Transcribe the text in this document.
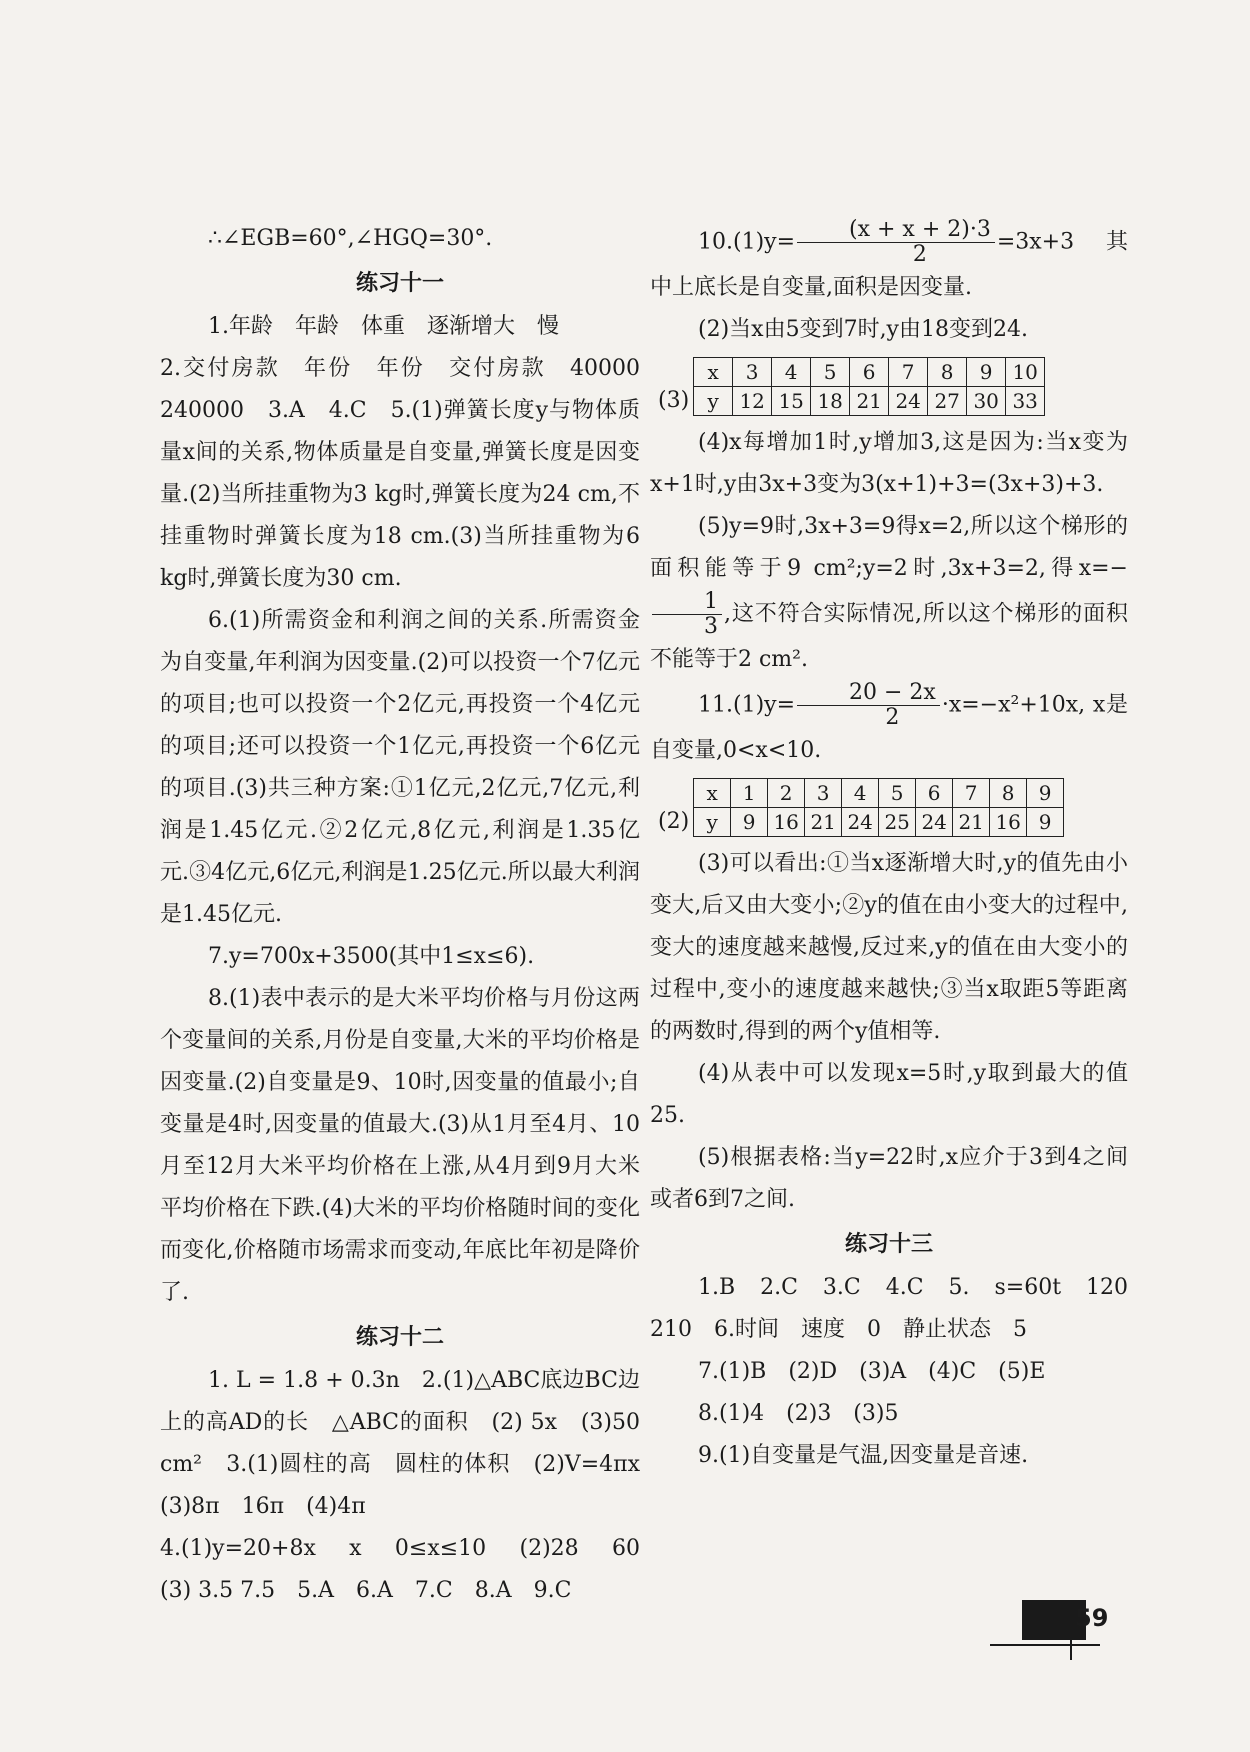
∴∠EGB=60°,∠HGQ=30°.

练习十一

1.年龄　年龄　体重　逐渐增大　慢

2.交付房款　年份　年份　交付房款　40000 240000　3.A　4.C　5.(1)弹簧长度y与物体质量x间的关系,物体质量是自变量,弹簧长度是因变量.(2)当所挂重物为3 kg时,弹簧长度为24 cm,不挂重物时弹簧长度为18 cm.(3)当所挂重物为6 kg时,弹簧长度为30 cm.

6.(1)所需资金和利润之间的关系.所需资金为自变量,年利润为因变量.(2)可以投资一个7亿元的项目;也可以投资一个2亿元,再投资一个4亿元的项目;还可以投资一个1亿元,再投资一个6亿元的项目.(3)共三种方案:①1亿元,2亿元,7亿元,利润是1.45亿元.②2亿元,8亿元,利润是1.35亿元.③4亿元,6亿元,利润是1.25亿元.所以最大利润是1.45亿元.

7.y=700x+3500(其中1≤x≤6).

8.(1)表中表示的是大米平均价格与月份这两个变量间的关系,月份是自变量,大米的平均价格是因变量.(2)自变量是9、10时,因变量的值最小;自变量是4时,因变量的值最大.(3)从1月至4月、10月至12月大米平均价格在上涨,从4月到9月大米平均价格在下跌.(4)大米的平均价格随时间的变化而变化,价格随市场需求而变动,年底比年初是降价了.

练习十二

1. L = 1.8 + 0.3n　2.(1)△ABC底边BC边上的高AD的长　△ABC的面积　(2) 5x　(3)50 cm²　3.(1)圆柱的高　圆柱的体积　(2)V=4πx　(3)8π　16π　(4)4π

4.(1)y=20+8x　x　0≤x≤10　(2)28　60　(3) 3.5 7.5　5.A　6.A　7.C　8.A　9.C

$10.(1)y= \frac{(x + x + 2)\cdot 3}{2} =3x+3$　其中上底长是自变量,面积是因变量.

(2)当x由5变到7时,y由18变到24.

(3)
x	3	4	5	6	7	8	9	10
y	12	15	18	21	24	27	30	33

(4)x每增加1时,y增加3,这是因为:当x变为x+1时,y由3x+3变为3(x+1)+3=(3x+3)+3.

(5)y=9时,3x+3=9得x=2,所以这个梯形的面积能等于9 cm²;y=2时,3x+3=2,得x=−
$\frac{1}{3}$ ,这不符合实际情况,所以这个梯形的面积不能等于2 cm².

$11.(1)y= \frac{20 - 2x}{2} \cdot x=-x^2+10x$, x是自变量,0<x<10.

(2)
x	1	2	3	4	5	6	7	8	9
y	9	16	21	24	25	24	21	16	9

(3)可以看出:①当x逐渐增大时,y的值先由小变大,后又由大变小;②y的值在由小变大的过程中,变大的速度越来越慢,反过来,y的值在由大变小的过程中,变小的速度越来越快;③当x取距5等距离的两数时,得到的两个y值相等.

(4)从表中可以发现x=5时,y取到最大的值25.

(5)根据表格:当y=22时,x应介于3到4之间或者6到7之间.

练习十三

1.B　2.C　3.C　4.C　5.　s=60t　120 210　6.时间　速度　0　静止状态　5

7.(1)B　(2)D　(3)A　(4)C　(5)E

8.(1)4　(2)3　(3)5

9.(1)自变量是气温,因变量是音速.

59
